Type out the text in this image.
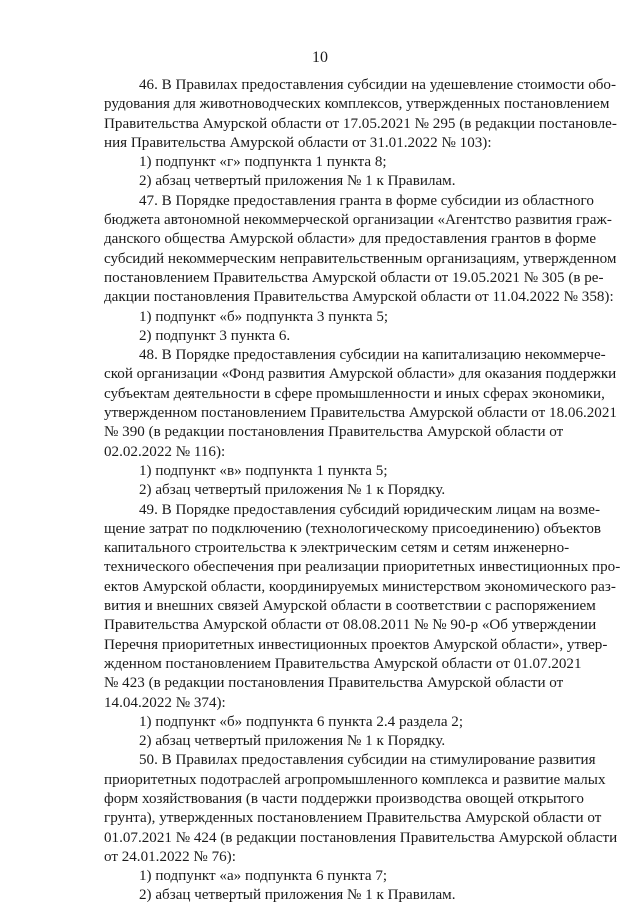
10
46. В Правилах предоставления субсидии на удешевление стоимости обо-
рудования для животноводческих комплексов, утвержденных постановлением
Правительства Амурской области от 17.05.2021 № 295 (в редакции постановле-
ния Правительства Амурской области от 31.01.2022 № 103):
1) подпункт «г» подпункта 1 пункта 8;
2) абзац четвертый приложения № 1 к Правилам.
47. В Порядке предоставления гранта в форме субсидии из областного
бюджета автономной некоммерческой организации «Агентство развития граж-
данского общества Амурской области» для предоставления грантов в форме
субсидий некоммерческим неправительственным организациям, утвержденном
постановлением Правительства Амурской области от 19.05.2021 № 305 (в ре-
дакции постановления Правительства Амурской области от 11.04.2022 № 358):
1) подпункт «б» подпункта 3 пункта 5;
2) подпункт 3 пункта 6.
48. В Порядке предоставления субсидии на капитализацию некоммерче-
ской организации «Фонд развития Амурской области» для оказания поддержки
субъектам деятельности в сфере промышленности и иных сферах экономики,
утвержденном постановлением Правительства Амурской области от 18.06.2021
№ 390 (в редакции постановления Правительства Амурской области от
02.02.2022 № 116):
1) подпункт «в» подпункта 1 пункта 5;
2) абзац четвертый приложения № 1 к Порядку.
49. В Порядке предоставления субсидий юридическим лицам на возме-
щение затрат по подключению (технологическому присоединению) объектов
капитального строительства к электрическим сетям и сетям инженерно-
технического обеспечения при реализации приоритетных инвестиционных про-
ектов Амурской области, координируемых министерством экономического раз-
вития и внешних связей Амурской области в соответствии с распоряжением
Правительства Амурской области от 08.08.2011 № № 90-р «Об утверждении
Перечня приоритетных инвестиционных проектов Амурской области», утвер-
жденном постановлением Правительства Амурской области от 01.07.2021
№ 423 (в редакции постановления Правительства Амурской области от
14.04.2022 № 374):
1) подпункт «б» подпункта 6 пункта 2.4 раздела 2;
2) абзац четвертый приложения № 1 к Порядку.
50. В Правилах предоставления субсидии на стимулирование развития
приоритетных подотраслей агропромышленного комплекса и развитие малых
форм хозяйствования (в части поддержки производства овощей открытого
грунта), утвержденных постановлением Правительства Амурской области от
01.07.2021 № 424 (в редакции постановления Правительства Амурской области
от 24.01.2022 № 76):
1) подпункт «а» подпункта 6 пункта 7;
2) абзац четвертый приложения № 1 к Правилам.
